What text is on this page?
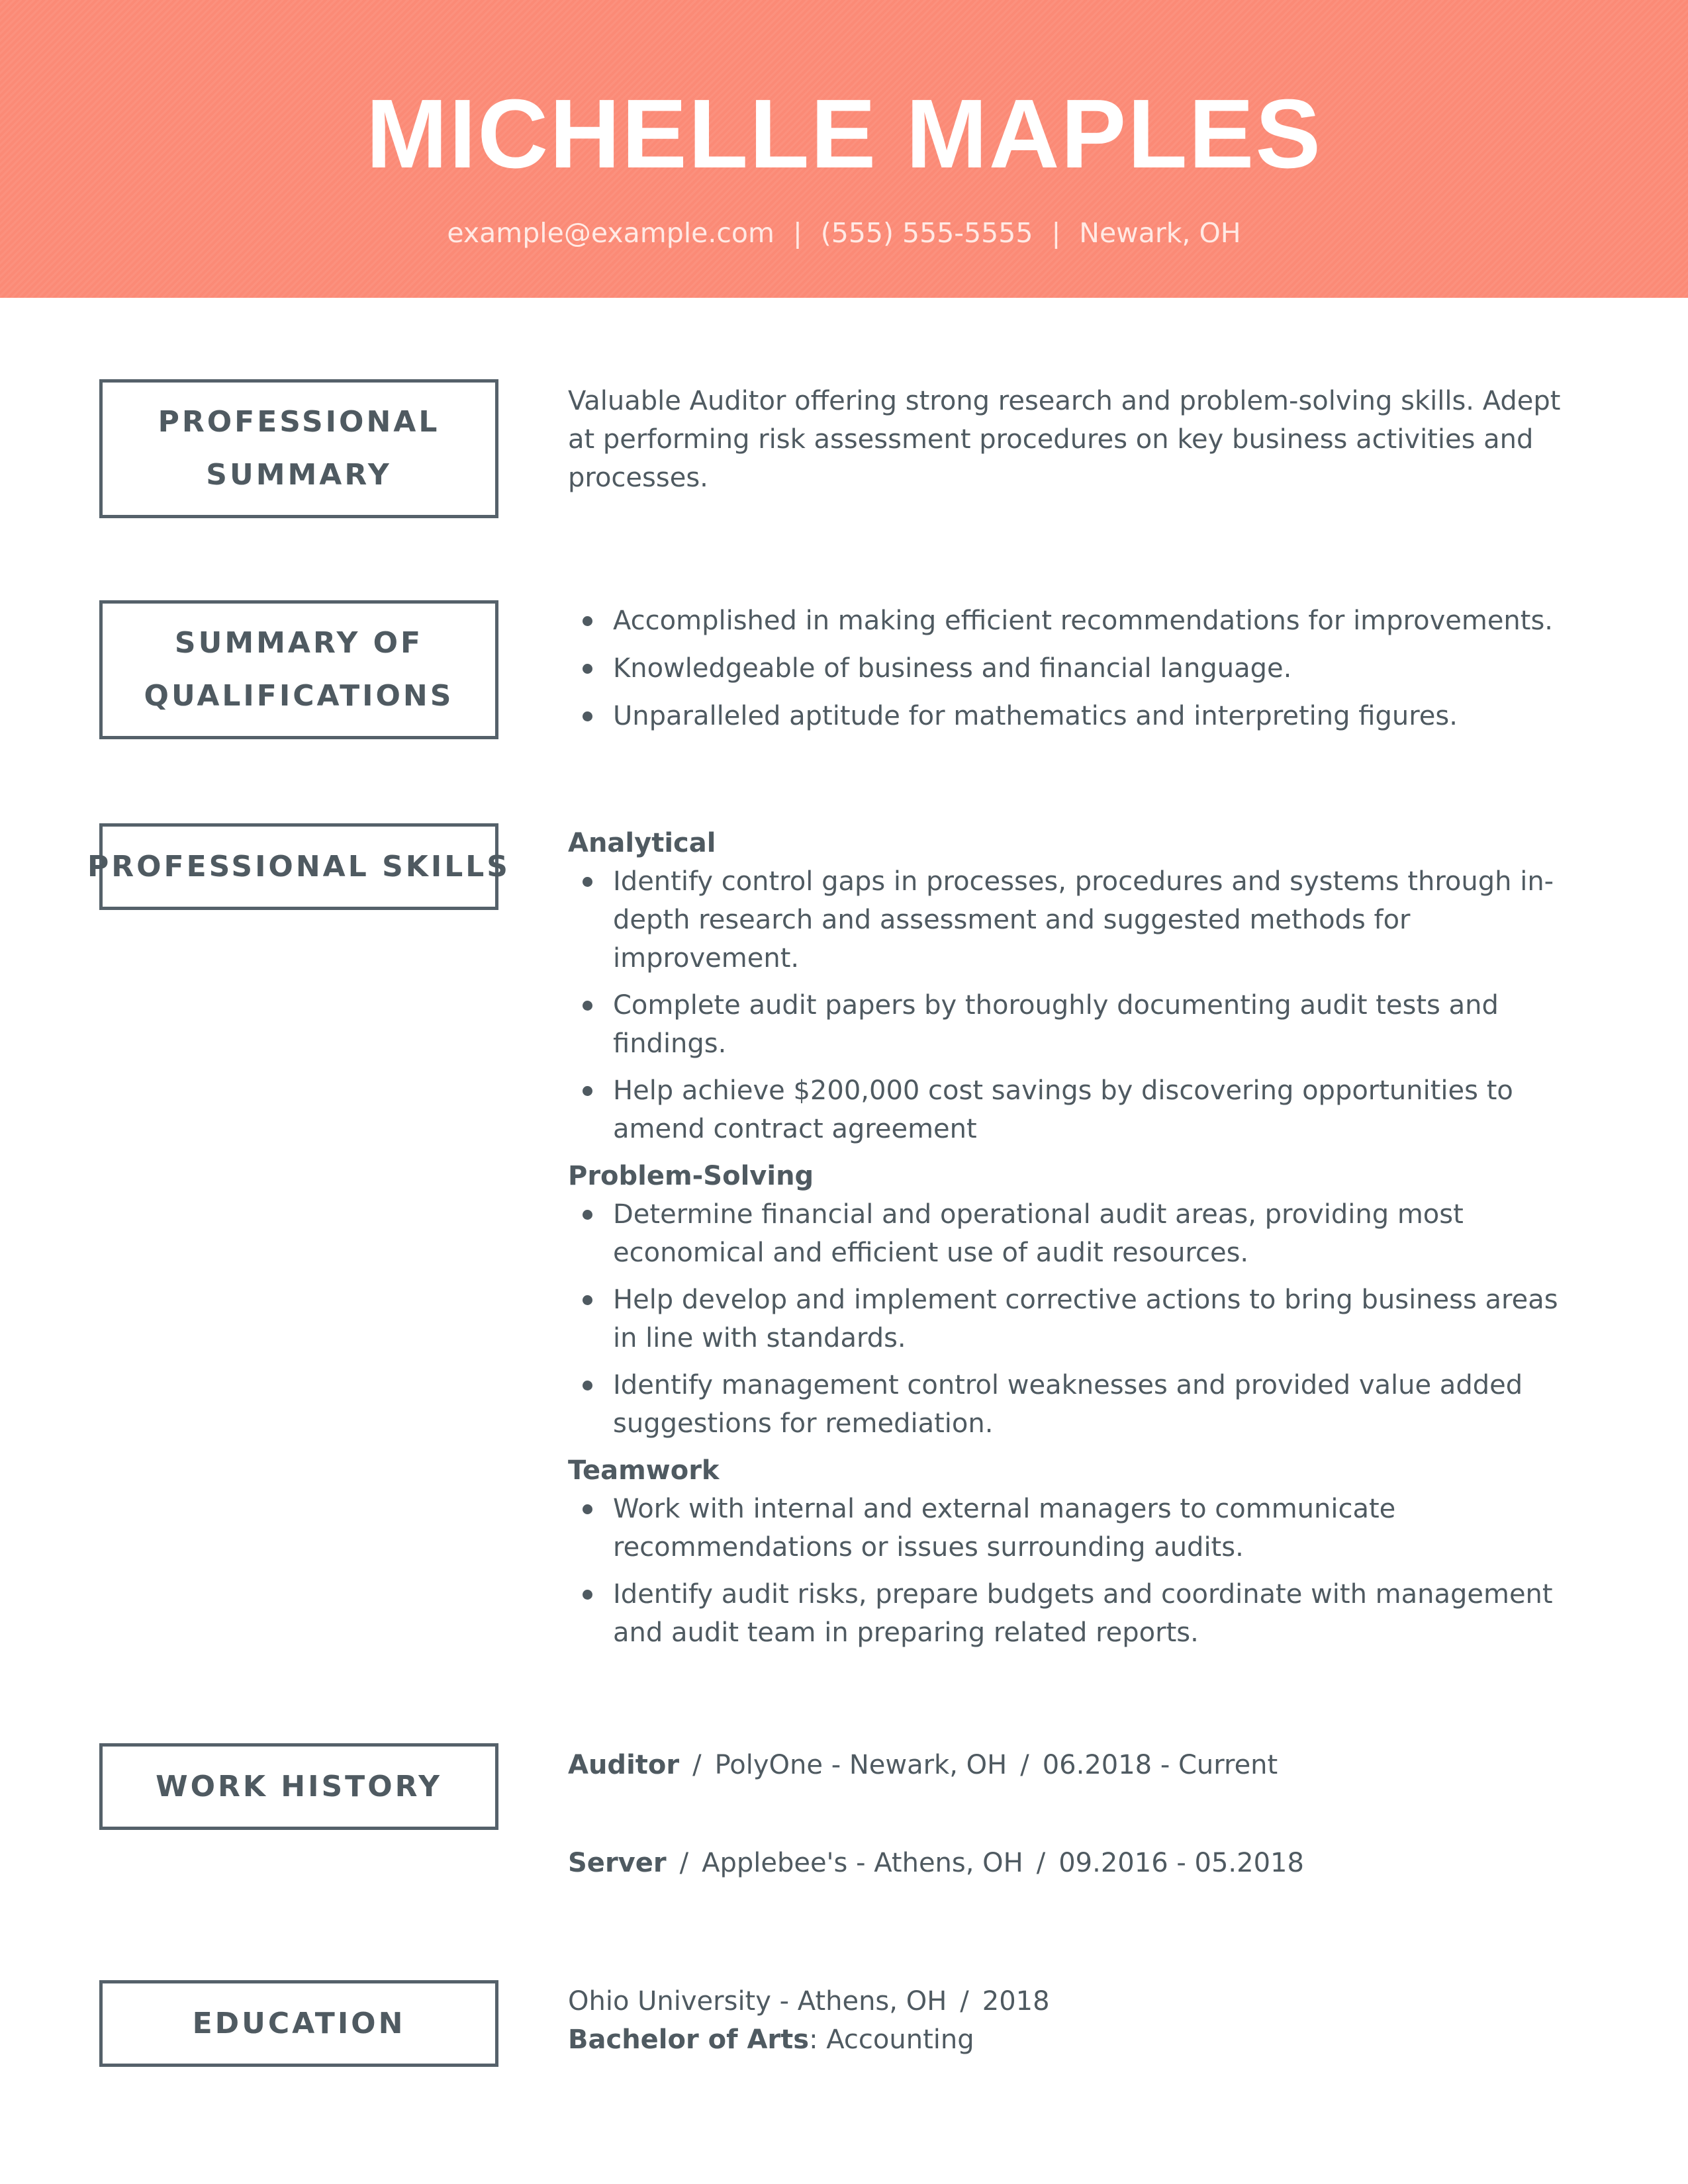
MICHELLE MAPLES
example@example.com | (555) 555-5555 | Newark, OH
PROFESSIONAL
SUMMARY

Valuable Auditor offering strong research and problem-solving skills. Adept at performing risk assessment procedures on key business activities and processes.

SUMMARY OF
QUALIFICATIONS
Accomplished in making efficient recommendations for improvements.
Knowledgeable of business and financial language.
Unparalleled aptitude for mathematics and interpreting figures.
PROFESSIONAL SKILLS

Analytical

Identify control gaps in processes, procedures and systems through in-depth research and assessment and suggested methods for improvement.
Complete audit papers by thoroughly documenting audit tests and findings.
Help achieve $200,000 cost savings by discovering opportunities to amend contract agreement

Problem-Solving

Determine financial and operational audit areas, providing most economical and efficient use of audit resources.
Help develop and implement corrective actions to bring business areas in line with standards.
Identify management control weaknesses and provided value added suggestions for remediation.

Teamwork

Work with internal and external managers to communicate recommendations or issues surrounding audits.
Identify audit risks, prepare budgets and coordinate with management and audit team in preparing related reports.
WORK HISTORY
Auditor / PolyOne - Newark, OH / 06.2018 - Current
Server / Applebee's - Athens, OH / 09.2016 - 05.2018
EDUCATION
Ohio University - Athens, OH / 2018
Bachelor of Arts: Accounting
